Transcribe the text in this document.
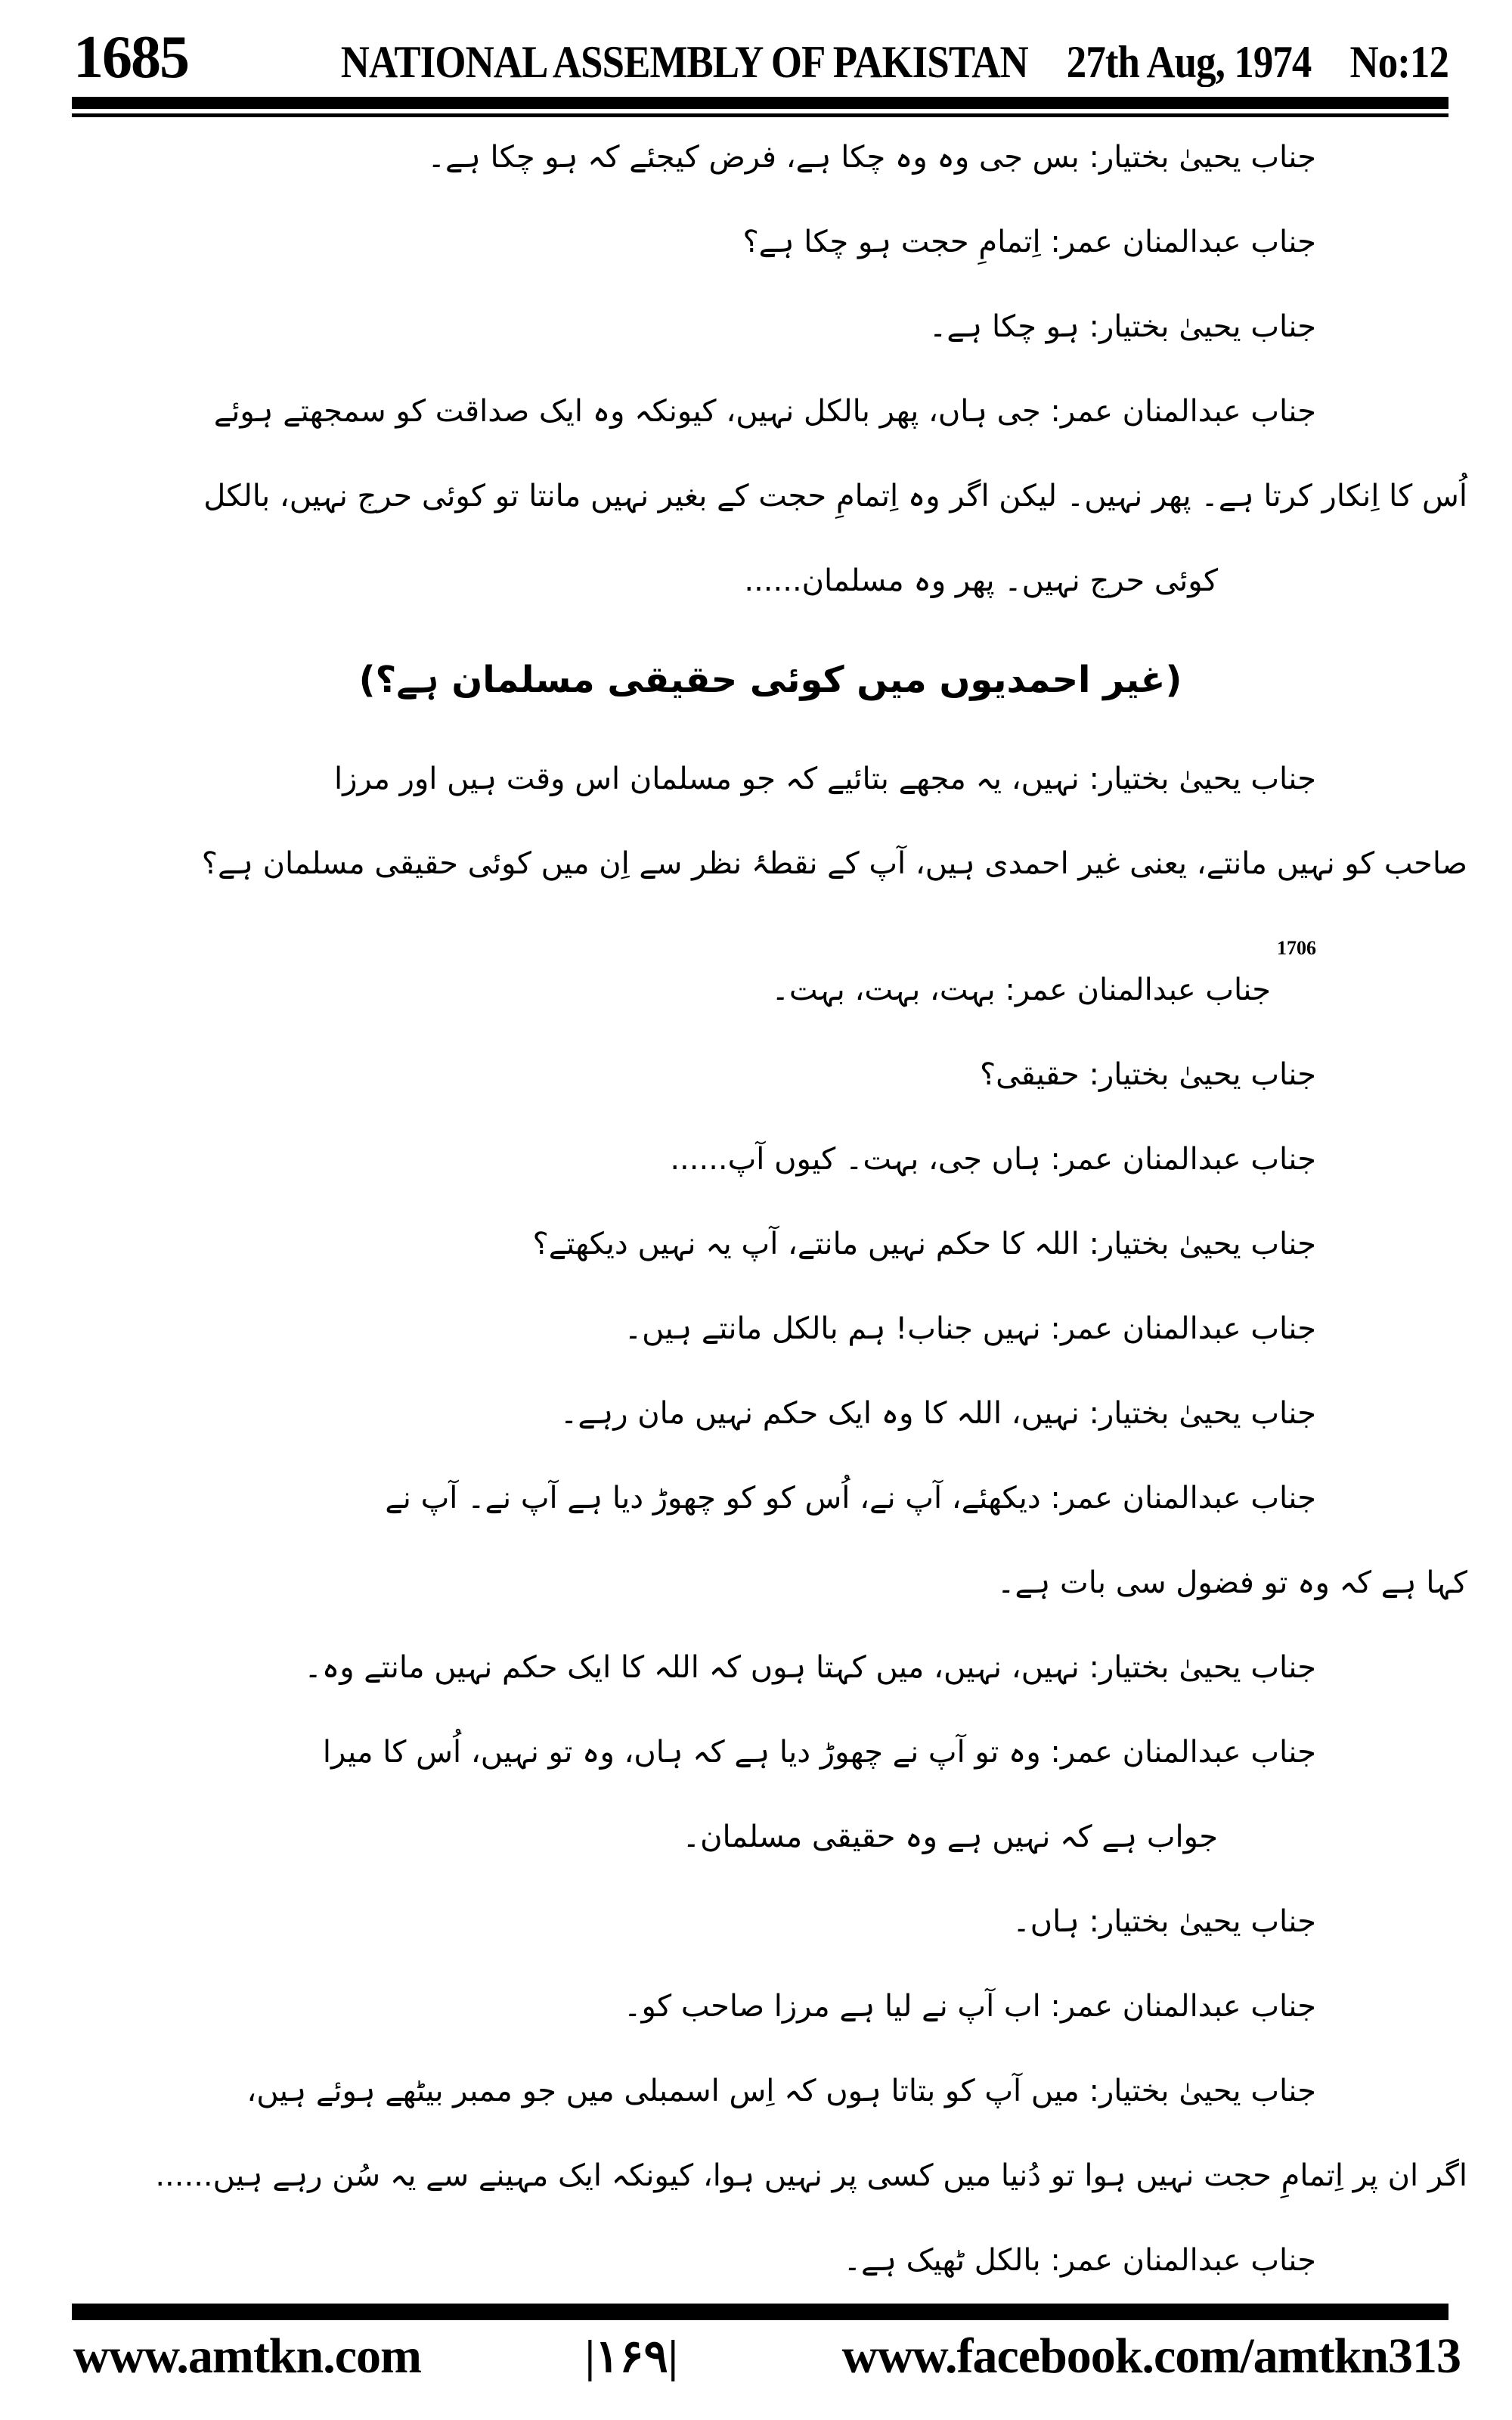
1685	NATIONAL ASSEMBLY OF PAKISTAN 27th Aug, 1974 No:12
جناب یحییٰ بختیار: بس جی وہ وہ چکا ہے، فرض کیجئے کہ ہو چکا ہے۔
جناب عبدالمنان عمر: اِتمامِ حجت ہو چکا ہے؟
جناب یحییٰ بختیار: ہو چکا ہے۔
جناب عبدالمنان عمر: جی ہاں، پھر بالکل نہیں، کیونکہ وہ ایک صداقت کو سمجھتے ہوئے
اُس کا اِنکار کرتا ہے۔ پھر نہیں۔ لیکن اگر وہ اِتمامِ حجت کے بغیر نہیں مانتا تو کوئی حرج نہیں، بالکل
کوئی حرج نہیں۔ پھر وہ مسلمان......
(غیر احمدیوں میں کوئی حقیقی مسلمان ہے؟)
جناب یحییٰ بختیار: نہیں، یہ مجھے بتائیے کہ جو مسلمان اس وقت ہیں اور مرزا
صاحب کو نہیں مانتے، یعنی غیر احمدی ہیں، آپ کے نقطۂ نظر سے اِن میں کوئی حقیقی مسلمان ہے؟
$^{1706}$جناب عبدالمنان عمر: بہت، بہت، بہت۔
جناب یحییٰ بختیار: حقیقی؟
جناب عبدالمنان عمر: ہاں جی، بہت۔ کیوں آپ......
جناب یحییٰ بختیار: اللہ کا حکم نہیں مانتے، آپ یہ نہیں دیکھتے؟
جناب عبدالمنان عمر: نہیں جناب! ہم بالکل مانتے ہیں۔
جناب یحییٰ بختیار: نہیں، اللہ کا وہ ایک حکم نہیں مان رہے۔
جناب عبدالمنان عمر: دیکھئے، آپ نے، اُس کو کو چھوڑ دیا ہے آپ نے۔ آپ نے
کہا ہے کہ وہ تو فضول سی بات ہے۔
جناب یحییٰ بختیار: نہیں، نہیں، میں کہتا ہوں کہ اللہ کا ایک حکم نہیں مانتے وہ۔
جناب عبدالمنان عمر: وہ تو آپ نے چھوڑ دیا ہے کہ ہاں، وہ تو نہیں، اُس کا میرا
جواب ہے کہ نہیں ہے وہ حقیقی مسلمان۔
جناب یحییٰ بختیار: ہاں۔
جناب عبدالمنان عمر: اب آپ نے لیا ہے مرزا صاحب کو۔
جناب یحییٰ بختیار: میں آپ کو بتاتا ہوں کہ اِس اسمبلی میں جو ممبر بیٹھے ہوئے ہیں،
اگر ان پر اِتمامِ حجت نہیں ہوا تو دُنیا میں کسی پر نہیں ہوا، کیونکہ ایک مہینے سے یہ سُن رہے ہیں......
جناب عبدالمنان عمر: بالکل ٹھیک ہے۔
www.amtkn.com	|۱۶۹|	www.facebook.com/amtkn313
